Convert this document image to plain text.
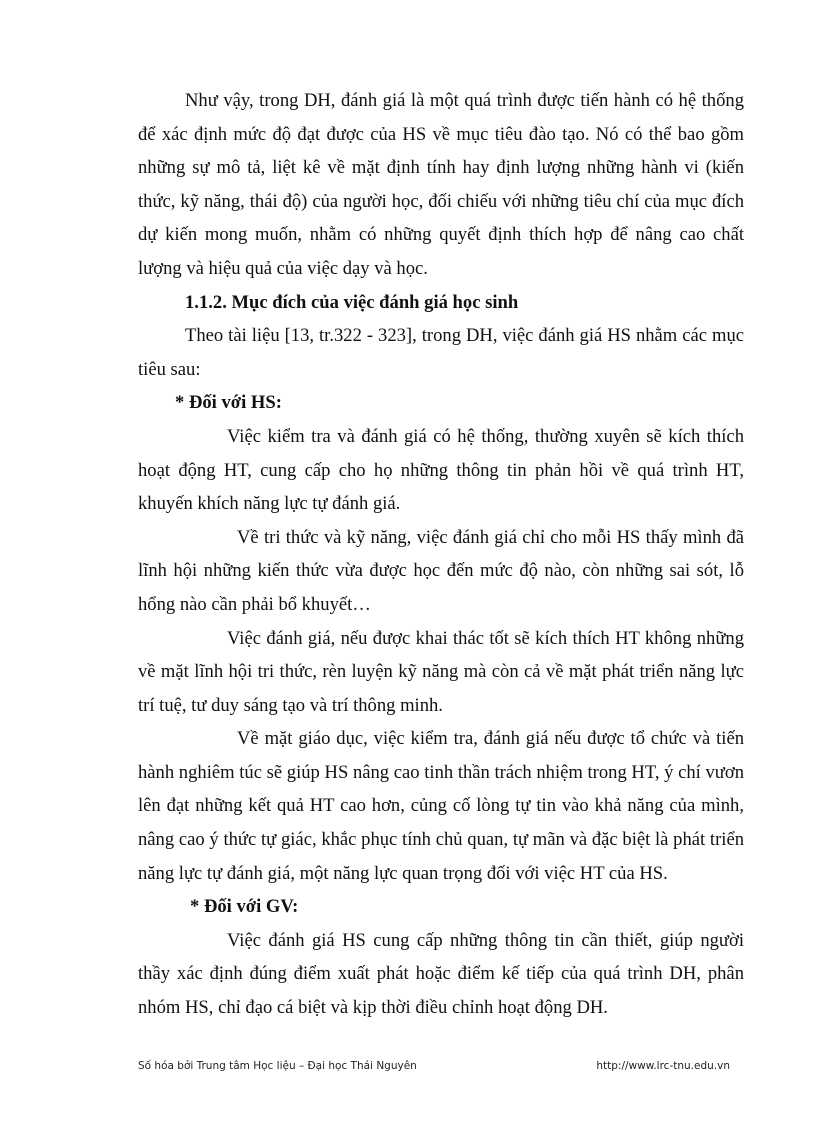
Như vậy, trong DH, đánh giá là một quá trình được tiến hành có hệ thống để xác định mức độ đạt được của HS về mục tiêu đào tạo. Nó có thể bao gồm những sự mô tả, liệt kê về mặt định tính hay định lượng những hành vi (kiến thức, kỹ năng, thái độ) của người học, đối chiếu với những tiêu chí của mục đích dự kiến mong muốn, nhằm có những quyết định thích hợp để nâng cao chất lượng và hiệu quả của việc dạy và học.

1.1.2. Mục đích của việc đánh giá học sinh

Theo tài liệu [13, tr.322 - 323], trong DH, việc đánh giá HS nhằm các mục tiêu sau:

* Đối với HS:

Việc kiểm tra và đánh giá có hệ thống, thường xuyên sẽ kích thích hoạt động HT, cung cấp cho họ những thông tin phản hồi về quá trình HT, khuyến khích năng lực tự đánh giá.

Về tri thức và kỹ năng, việc đánh giá chỉ cho mỗi HS thấy mình đã lĩnh hội những kiến thức vừa được học đến mức độ nào, còn những sai sót, lỗ hổng nào cần phải bổ khuyết…

Việc đánh giá, nếu được khai thác tốt sẽ kích thích HT không những về mặt lĩnh hội tri thức, rèn luyện kỹ năng mà còn cả về mặt phát triển năng lực trí tuệ, tư duy sáng tạo và trí thông minh.

Về mặt giáo dục, việc kiểm tra, đánh giá nếu được tổ chức và tiến hành nghiêm túc sẽ giúp HS nâng cao tinh thần trách nhiệm trong HT, ý chí vươn lên đạt những kết quả HT cao hơn, củng cố lòng tự tin vào khả năng của mình, nâng cao ý thức tự giác, khắc phục tính chủ quan, tự mãn và đặc biệt là phát triển năng lực tự đánh giá, một năng lực quan trọng đối với việc HT của HS.

* Đối với GV:

Việc đánh giá HS cung cấp những thông tin cần thiết, giúp người thầy xác định đúng điểm xuất phát hoặc điểm kế tiếp của quá trình DH, phân nhóm HS, chỉ đạo cá biệt và kịp thời điều chỉnh hoạt động DH.

Số hóa bởi Trung tâm Học liệu – Đại học Thái Nguyên	http://www.lrc-tnu.edu.vn
